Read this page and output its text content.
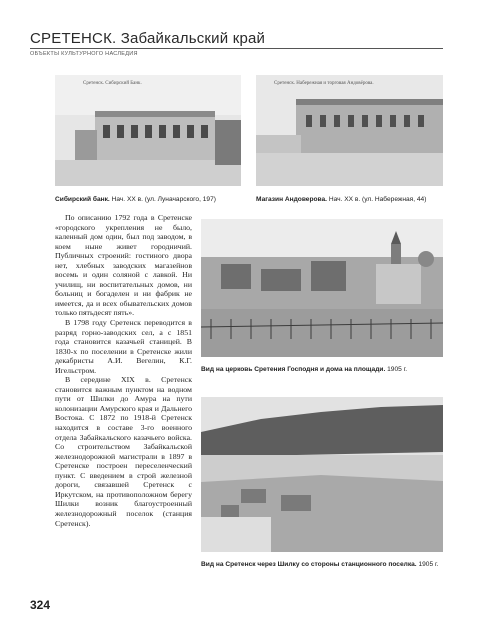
СРЕТЕНСК. Забайкальский край
ОБЪЕКТЫ КУЛЬТУРНОГО НАСЛЕДИЯ
Сретенск. Сибирский Банк.	Сретенск. Набережная и торговая Андовёрова.
Сибирский банк. Нач. ХХ в. (ул. Луначарского, 197)	Магазин Андоверова. Нач. ХХ в. (ул. Набережная, 44)
Вид на церковь Сретения Господня и дома на площади. 1905 г.
Вид на Сретенск через Шилку со стороны станционного поселка. 1905 г.

По описанию 1792 года в Сретенске «городского укрепления не было, каленный дом один, был под заводом, в коем ныне живет городничий. Публичных строений: гостиного двора нет, хлебных заводских магазейнов восемь и один соляной с лавкой. Ни училищ, ни воспитательных домов, ни больниц и богаделен и ни фабрик не имеется, да и всех обывательских домов только пятьдесят пять».

В 1798 году Сретенск переводится в разряд горно-заводских сел, а с 1851 года становится казачьей станицей. В 1830-х по поселении в Сретенске жили декабристы А.И. Вегелин, К.Г. Игельстром.

В середине XIX в. Сретенск становится важным пунктом на водном пути от Шилки до Амура на пути колонизации Амурского края и Дальнего Востока. С 1872 по 1918-й Сретенск находится в составе 3-го военного отдела Забайкальского казачьего войска. Со строительством Забайкальской железнодорожной магистрали в 1897 в Сретенске построен переселенческий пункт. С введением в строй железной дороги, связавшей Сретенск с Иркутском, на противоположном берегу Шилки возник благоустроенный железнодорожный поселок (станция Сретенск).

324
